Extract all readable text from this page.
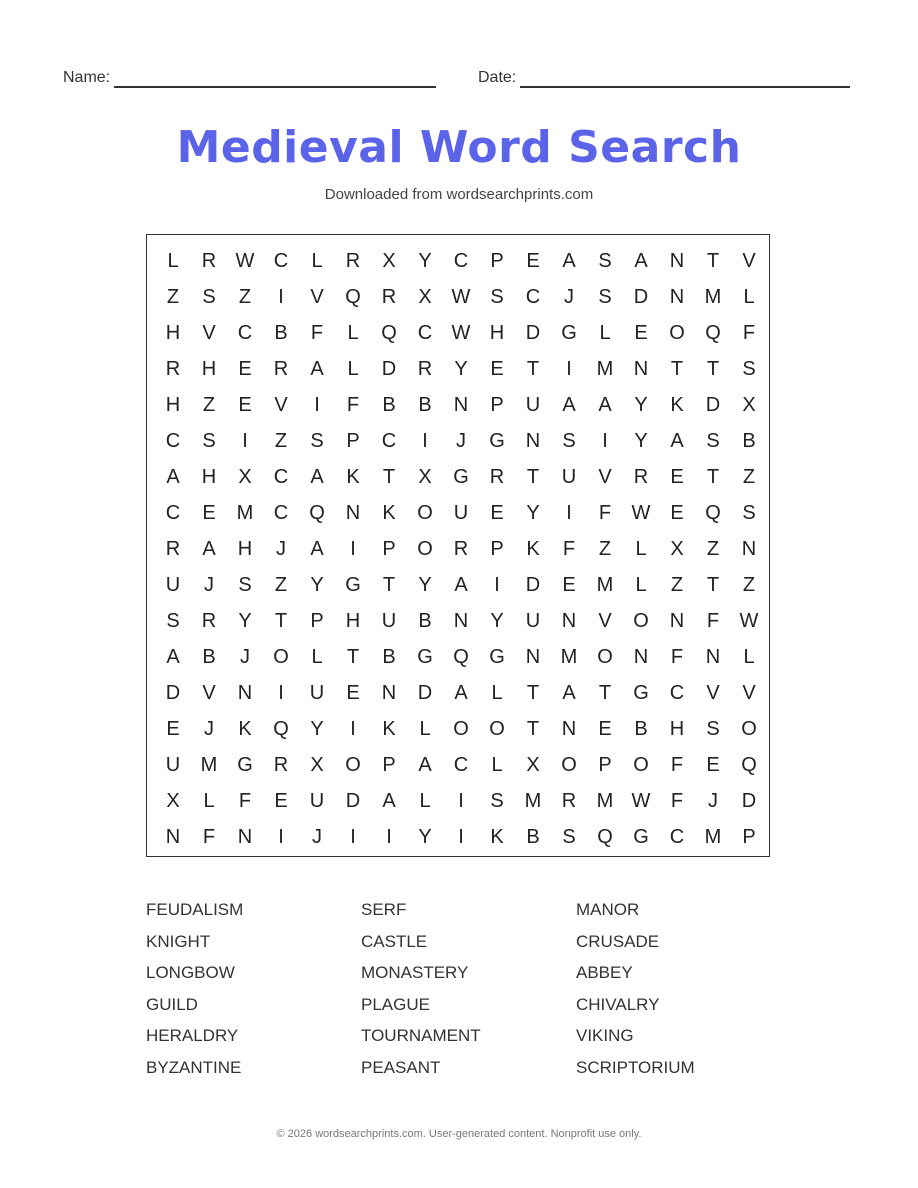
Name:	Date:
Medieval Word Search
Downloaded from wordsearchprints.com
L	R W C	L	R	X	Y	C	P	E	A	S	A	N	T	V
Z	S	Z	I	V	Q	R	X W S	C	J	S	D	N	M	L
H	V	C	B	F	L	Q	C W H	D	G	L	E	O	Q	F
R	H	E	R	A	L	D	R	Y	E	T	I	M	N	T	T	S
H	Z	E	V	I	F	B	B	N	P	U	A	A	Y	K	D	X
C	S	I	Z	S	P	C	I	J	G	N	S	I	Y	A	S	B
A	H	X	C	A	K	T	X	G	R	T	U	V	R	E	T	Z
C	E	M	C	Q	N	K	O	U	E	Y	I	F	W E	Q	S
R	A	H	J	A	I	P	O	R	P	K	F	Z	L	X	Z	N
U	J	S	Z	Y	G	T	Y	A	I	D	E	M	L	Z	T	Z
S	R	Y	T	P	H	U	B	N	Y	U	N	V	O	N	F	W
A	B	J	O	L	T	B	G	Q	G	N	M O	N	F	N	L
D	V	N	I	U	E	N	D	A	L	T	A	T	G	C	V	V
E	J	K	Q	Y	I	K	L	O	O	T	N	E	B	H	S	O
U	M G	R	X	O	P	A	C	L	X	O	P	O	F	E	Q
X	L	F	E	U	D	A	L	I	S	M	R	M W	F	J	D
N	F	N	I	J	I	I	Y	I	K	B	S	Q	G	C	M	P
FEUDALISM	SERF	MANOR
KNIGHT	CASTLE	CRUSADE
LONGBOW	MONASTERY	ABBEY
GUILD	PLAGUE	CHIVALRY
HERALDRY	TOURNAMENT	VIKING
BYZANTINE	PEASANT	SCRIPTORIUM
© 2026 wordsearchprints.com. User-generated content. Nonprofit use only.
